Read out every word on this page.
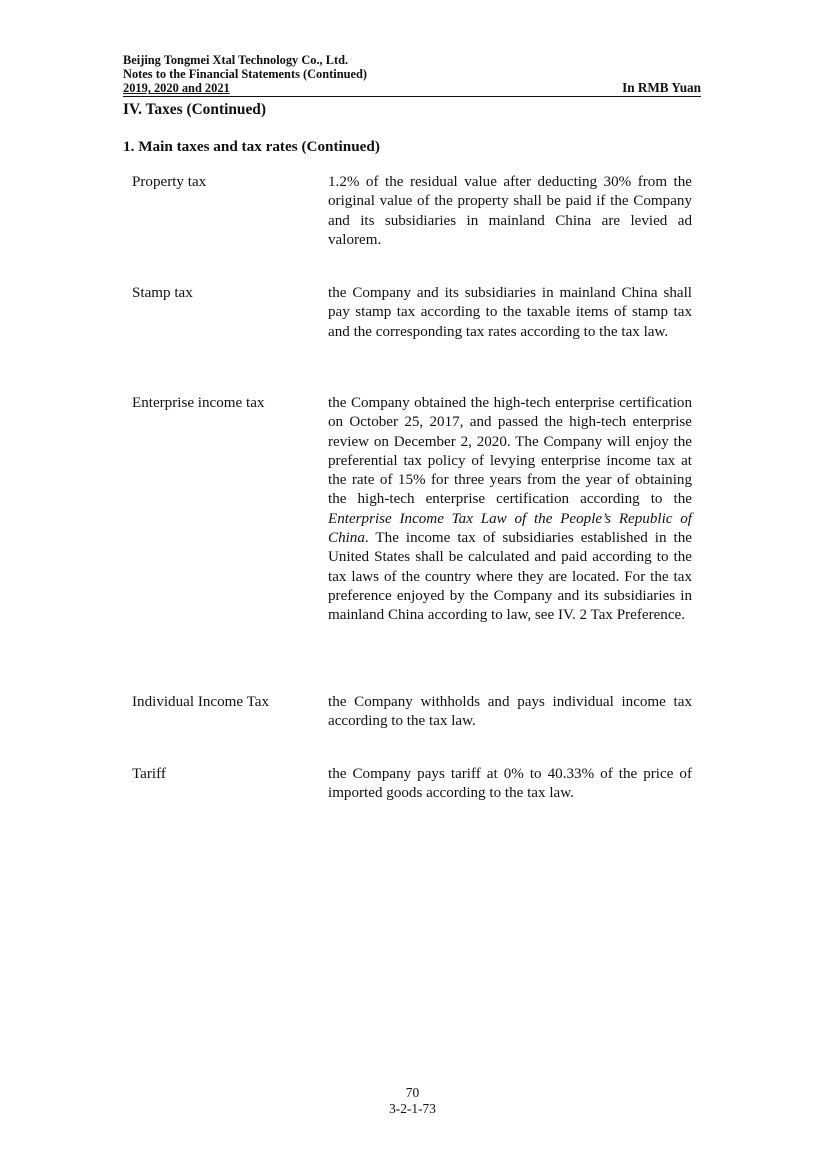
Beijing Tongmei Xtal Technology Co., Ltd.
Notes to the Financial Statements (Continued)
2019, 2020 and 2021	In RMB Yuan
IV. Taxes (Continued)
1. Main taxes and tax rates (Continued)
Property tax	1.2% of the residual value after deducting 30% from the original value of the property shall be paid if the Company and its subsidiaries in mainland China are levied ad valorem.
Stamp tax	the Company and its subsidiaries in mainland China shall pay stamp tax according to the taxable items of stamp tax and the corresponding tax rates according to the tax law.
Enterprise income tax	the Company obtained the high-tech enterprise certification on October 25, 2017, and passed the high-tech enterprise review on December 2, 2020. The Company will enjoy the preferential tax policy of levying enterprise income tax at the rate of 15% for three years from the year of obtaining the high-tech enterprise certification according to the Enterprise Income Tax Law of the People’s Republic of China. The income tax of subsidiaries established in the United States shall be calculated and paid according to the tax laws of the country where they are located. For the tax preference enjoyed by the Company and its subsidiaries in mainland China according to law, see IV. 2 Tax Preference.
Individual Income Tax	the Company withholds and pays individual income tax according to the tax law.
Tariff	the Company pays tariff at 0% to 40.33% of the price of imported goods according to the tax law.
70
3-2-1-73
